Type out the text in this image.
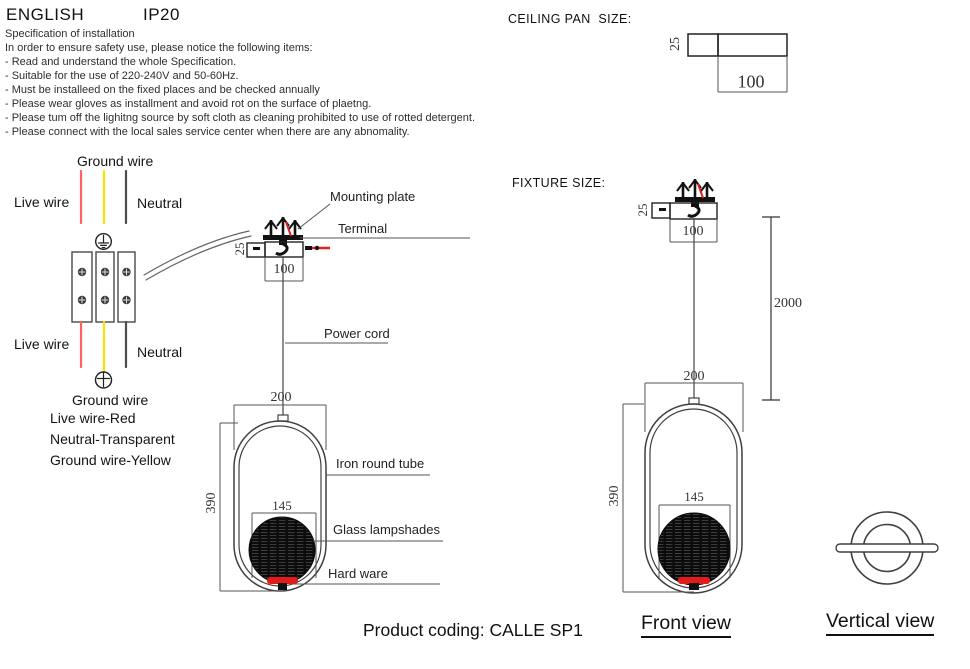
ENGLISH	IP20
Specification of installation
In order to ensure safety use, please notice the following items:
- Read and understand the whole Specification.
- Suitable for the use of 220-240V and 50-60Hz.
- Must be installeed on the fixed places and be checked annually
- Please wear gloves as installment and avoid rot on the surface of plaetng.
- Please tum off the lighitng source by soft cloth as cleaning prohibited to use of rotted detergent.
- Please connect with the local sales service center when there are any abnomality.
CEILING PAN  SIZE:
FIXTURE SIZE:
Ground wire
Live wire	Neutral
Live wire	Neutral
Ground wire
Live wire-Red
Neutral-Transparent
Ground wire-Yellow
Mounting plate
Terminal
Power cord
Iron round tube
Glass lampshades
Hard ware
25
100
25
100
200
390	145
25
100
2000
200
390	145
Product coding: CALLE SP1	Front view	Vertical view
